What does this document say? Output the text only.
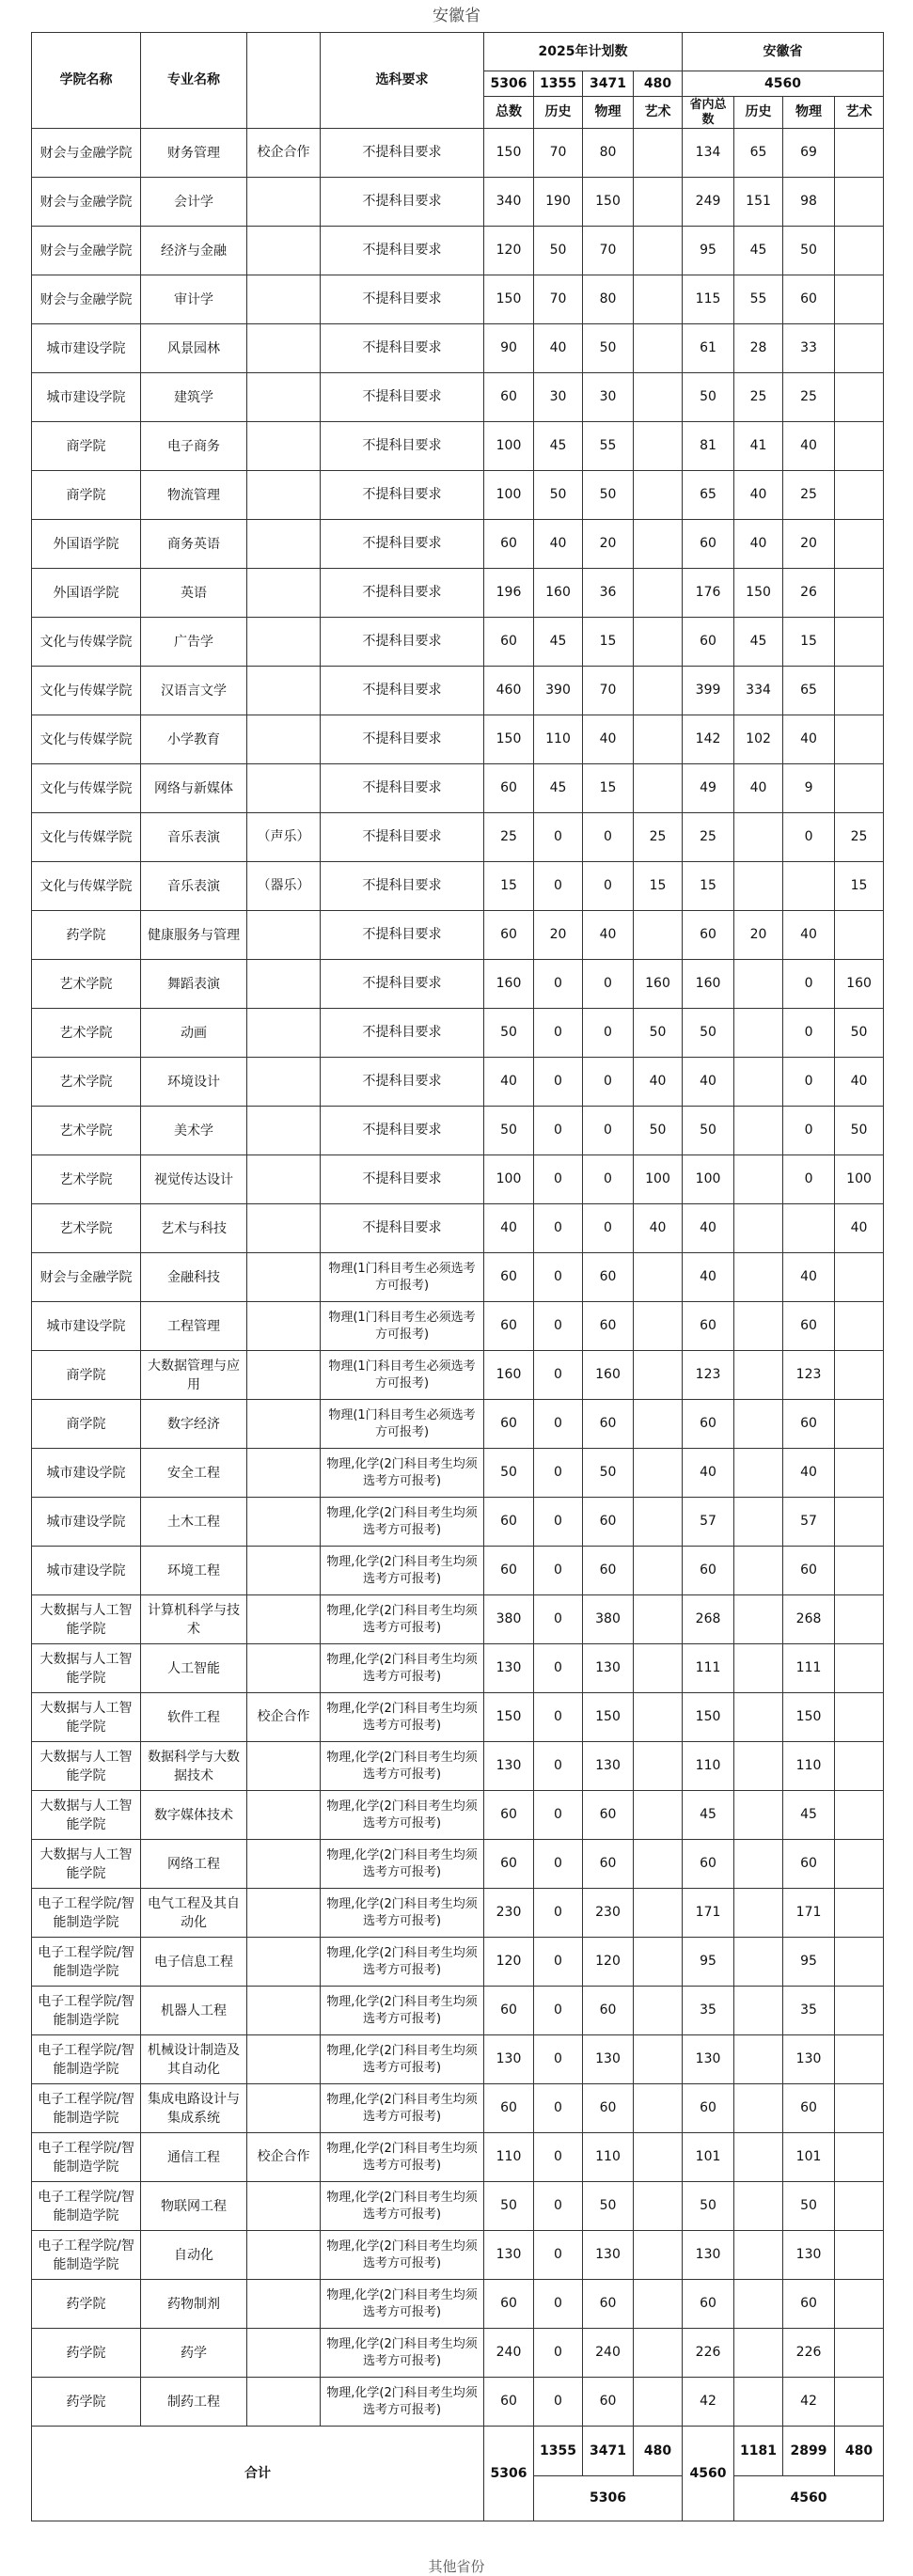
安徽省
学院名称	专业名称		选科要求	2025年计划数				安徽省			
				5306	1355	3471	480	4560			
				总数	历史	物理	艺术	省内总数	历史	物理	艺术
财会与金融学院	财务管理	校企合作	不提科目要求	150	70	80		134	65	69	
财会与金融学院	会计学		不提科目要求	340	190	150		249	151	98	
财会与金融学院	经济与金融		不提科目要求	120	50	70		95	45	50	
财会与金融学院	审计学		不提科目要求	150	70	80		115	55	60	
城市建设学院	风景园林		不提科目要求	90	40	50		61	28	33	
城市建设学院	建筑学		不提科目要求	60	30	30		50	25	25	
商学院	电子商务		不提科目要求	100	45	55		81	41	40	
商学院	物流管理		不提科目要求	100	50	50		65	40	25	
外国语学院	商务英语		不提科目要求	60	40	20		60	40	20	
外国语学院	英语		不提科目要求	196	160	36		176	150	26	
文化与传媒学院	广告学		不提科目要求	60	45	15		60	45	15	
文化与传媒学院	汉语言文学		不提科目要求	460	390	70		399	334	65	
文化与传媒学院	小学教育		不提科目要求	150	110	40		142	102	40	
文化与传媒学院	网络与新媒体		不提科目要求	60	45	15		49	40	9	
文化与传媒学院	音乐表演	（声乐）	不提科目要求	25	0	0	25	25		0	25
文化与传媒学院	音乐表演	（器乐）	不提科目要求	15	0	0	15	15			15
药学院	健康服务与管理		不提科目要求	60	20	40		60	20	40	
艺术学院	舞蹈表演		不提科目要求	160	0	0	160	160		0	160
艺术学院	动画		不提科目要求	50	0	0	50	50		0	50
艺术学院	环境设计		不提科目要求	40	0	0	40	40		0	40
艺术学院	美术学		不提科目要求	50	0	0	50	50		0	50
艺术学院	视觉传达设计		不提科目要求	100	0	0	100	100		0	100
艺术学院	艺术与科技		不提科目要求	40	0	0	40	40			40
财会与金融学院	金融科技		物理(1门科目考生必须选考方可报考)	60	0	60		40		40	
城市建设学院	工程管理		物理(1门科目考生必须选考方可报考)	60	0	60		60		60	
商学院	大数据管理与应用		物理(1门科目考生必须选考方可报考)	160	0	160		123		123	
商学院	数字经济		物理(1门科目考生必须选考方可报考)	60	0	60		60		60	
城市建设学院	安全工程		物理,化学(2门科目考生均须选考方可报考)	50	0	50		40		40	
城市建设学院	土木工程		物理,化学(2门科目考生均须选考方可报考)	60	0	60		57		57	
城市建设学院	环境工程		物理,化学(2门科目考生均须选考方可报考)	60	0	60		60		60	
大数据与人工智能学院	计算机科学与技术		物理,化学(2门科目考生均须选考方可报考)	380	0	380		268		268	
大数据与人工智能学院	人工智能		物理,化学(2门科目考生均须选考方可报考)	130	0	130		111		111	
大数据与人工智能学院	软件工程	校企合作	物理,化学(2门科目考生均须选考方可报考)	150	0	150		150		150	
大数据与人工智能学院	数据科学与大数据技术		物理,化学(2门科目考生均须选考方可报考)	130	0	130		110		110	
大数据与人工智能学院	数字媒体技术		物理,化学(2门科目考生均须选考方可报考)	60	0	60		45		45	
大数据与人工智能学院	网络工程		物理,化学(2门科目考生均须选考方可报考)	60	0	60		60		60	
电子工程学院/智能制造学院	电气工程及其自动化		物理,化学(2门科目考生均须选考方可报考)	230	0	230		171		171	
电子工程学院/智能制造学院	电子信息工程		物理,化学(2门科目考生均须选考方可报考)	120	0	120		95		95	
电子工程学院/智能制造学院	机器人工程		物理,化学(2门科目考生均须选考方可报考)	60	0	60		35		35	
电子工程学院/智能制造学院	机械设计制造及其自动化		物理,化学(2门科目考生均须选考方可报考)	130	0	130		130		130	
电子工程学院/智能制造学院	集成电路设计与集成系统		物理,化学(2门科目考生均须选考方可报考)	60	0	60		60		60	
电子工程学院/智能制造学院	通信工程	校企合作	物理,化学(2门科目考生均须选考方可报考)	110	0	110		101		101	
电子工程学院/智能制造学院	物联网工程		物理,化学(2门科目考生均须选考方可报考)	50	0	50		50		50	
电子工程学院/智能制造学院	自动化		物理,化学(2门科目考生均须选考方可报考)	130	0	130		130		130	
药学院	药物制剂		物理,化学(2门科目考生均须选考方可报考)	60	0	60		60		60	
药学院	药学		物理,化学(2门科目考生均须选考方可报考)	240	0	240		226		226	
药学院	制药工程		物理,化学(2门科目考生均须选考方可报考)	60	0	60		42		42	
合计				5306	1355	3471	480	4560	1181	2899	480
					5306				4560		
其他省份
